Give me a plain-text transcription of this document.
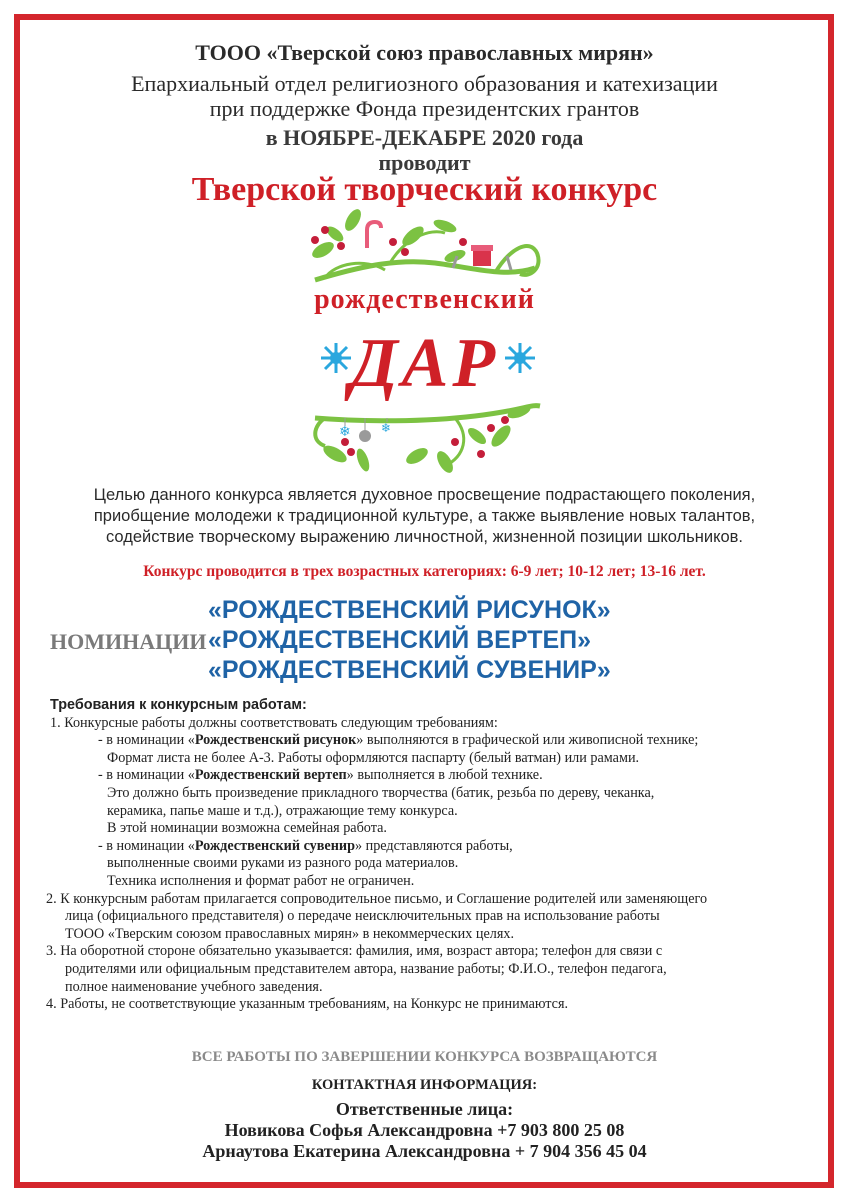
ТООО «Тверской союз православных мирян»
Епархиальный отдел религиозного образования и катехизации
при поддержке Фонда президентских грантов
в НОЯБРЕ-ДЕКАБРЕ 2020 года
проводит
Тверской творческий конкурс
рождественский
ДАР
❄	❄
Целью данного конкурса является духовное просвещение подрастающего поколения,
приобщение молодежи к традиционной культуре, а также выявление новых талантов,
содействие творческому выражению личностной, жизненной позиции школьников.
Конкурс проводится в трех возрастных категориях: 6-9 лет; 10-12 лет; 13-16 лет.
НОМИНАЦИИ
«РОЖДЕСТВЕНСКИЙ РИСУНОК»
«РОЖДЕСТВЕНСКИЙ ВЕРТЕП»
«РОЖДЕСТВЕНСКИЙ СУВЕНИР»
Требования к конкурсным работам:
1. Конкурсные работы должны соответствовать следующим требованиям:
- в номинации «Рождественский рисунок» выполняются в графической или живописной технике;
Формат листа не более А-3. Работы оформляются паспарту (белый ватман) или рамами.
- в номинации «Рождественский вертеп» выполняется в любой технике.
Это должно быть произведение прикладного творчества (батик, резьба по дереву, чеканка,
керамика, папье маше и т.д.), отражающие тему конкурса.
В этой номинации возможна семейная работа.
- в номинации «Рождественский сувенир» представляются работы,
выполненные своими руками из разного рода материалов.
Техника исполнения и формат работ не ограничен.
2. К конкурсным работам прилагается сопроводительное письмо, и Соглашение родителей или заменяющего
лица (официального представителя) о передаче неисключительных прав на использование работы
ТООО «Тверским союзом православных мирян» в некоммерческих целях.
3. На оборотной стороне обязательно указывается: фамилия, имя, возраст автора; телефон для связи с
родителями или официальным представителем автора, название работы; Ф.И.О., телефон педагога,
полное наименование учебного заведения.
4. Работы, не соответствующие указанным требованиям, на Конкурс не принимаются.
ВСЕ РАБОТЫ ПО ЗАВЕРШЕНИИ КОНКУРСА ВОЗВРАЩАЮТСЯ
КОНТАКТНАЯ ИНФОРМАЦИЯ:
Ответственные лица:
Новикова Софья Александровна +7 903 800 25 08
Арнаутова Екатерина Александровна + 7 904 356 45 04
